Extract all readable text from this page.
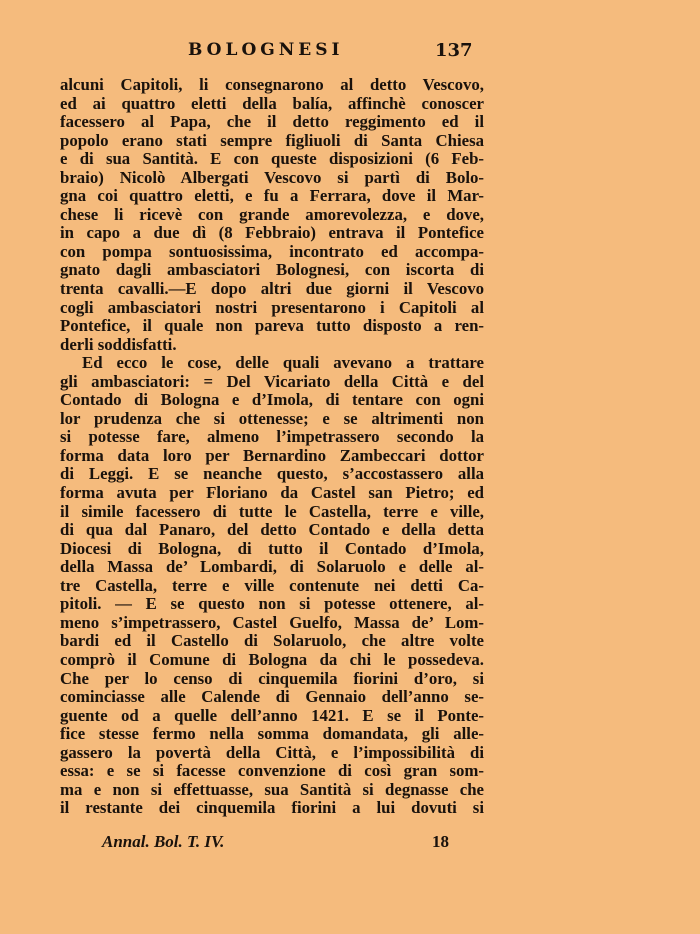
BOLOGNESI	137
alcuni Capitoli, li consegnarono al detto Vescovo,
ed ai quattro eletti della balía, affinchè conoscer
facessero al Papa, che il detto reggimento ed il
popolo erano stati sempre figliuoli di Santa Chiesa
e di sua Santità. E con queste disposizioni (6 Feb-
braio) Nicolò Albergati Vescovo si partì di Bolo-
gna coi quattro eletti, e fu a Ferrara, dove il Mar-
chese li ricevè con grande amorevolezza, e dove,
in capo a due dì (8 Febbraio) entrava il Pontefice
con pompa sontuosissima, incontrato ed accompa-
gnato dagli ambasciatori Bolognesi, con iscorta di
trenta cavalli.—E dopo altri due giorni il Vescovo
cogli ambasciatori nostri presentarono i Capitoli al
Pontefice, il quale non pareva tutto disposto a ren-
derli soddisfatti.
Ed ecco le cose, delle quali avevano a trattare
gli ambasciatori: = Del Vicariato della Città e del
Contado di Bologna e d’Imola, di tentare con ogni
lor prudenza che si ottenesse; e se altrimenti non
si potesse fare, almeno l’impetrassero secondo la
forma data loro per Bernardino Zambeccari dottor
di Leggi. E se neanche questo, s’accostassero alla
forma avuta per Floriano da Castel san Pietro; ed
il simile facessero di tutte le Castella, terre e ville,
di qua dal Panaro, del detto Contado e della detta
Diocesi di Bologna, di tutto il Contado d’Imola,
della Massa de’ Lombardi, di Solaruolo e delle al-
tre Castella, terre e ville contenute nei detti Ca-
pitoli. — E se questo non si potesse ottenere, al-
meno s’impetrassero, Castel Guelfo, Massa de’ Lom-
bardi ed il Castello di Solaruolo, che altre volte
comprò il Comune di Bologna da chi le possedeva.
Che per lo censo di cinquemila fiorini d’oro, si
cominciasse alle Calende di Gennaio dell’anno se-
guente od a quelle dell’anno 1421. E se il Ponte-
fice stesse fermo nella somma domandata, gli alle-
gassero la povertà della Città, e l’impossibilità di
essa: e se si facesse convenzione di così gran som-
ma e non si effettuasse, sua Santità si degnasse che
il restante dei cinquemila fiorini a lui dovuti si
Annal. Bol. T. IV.	18
